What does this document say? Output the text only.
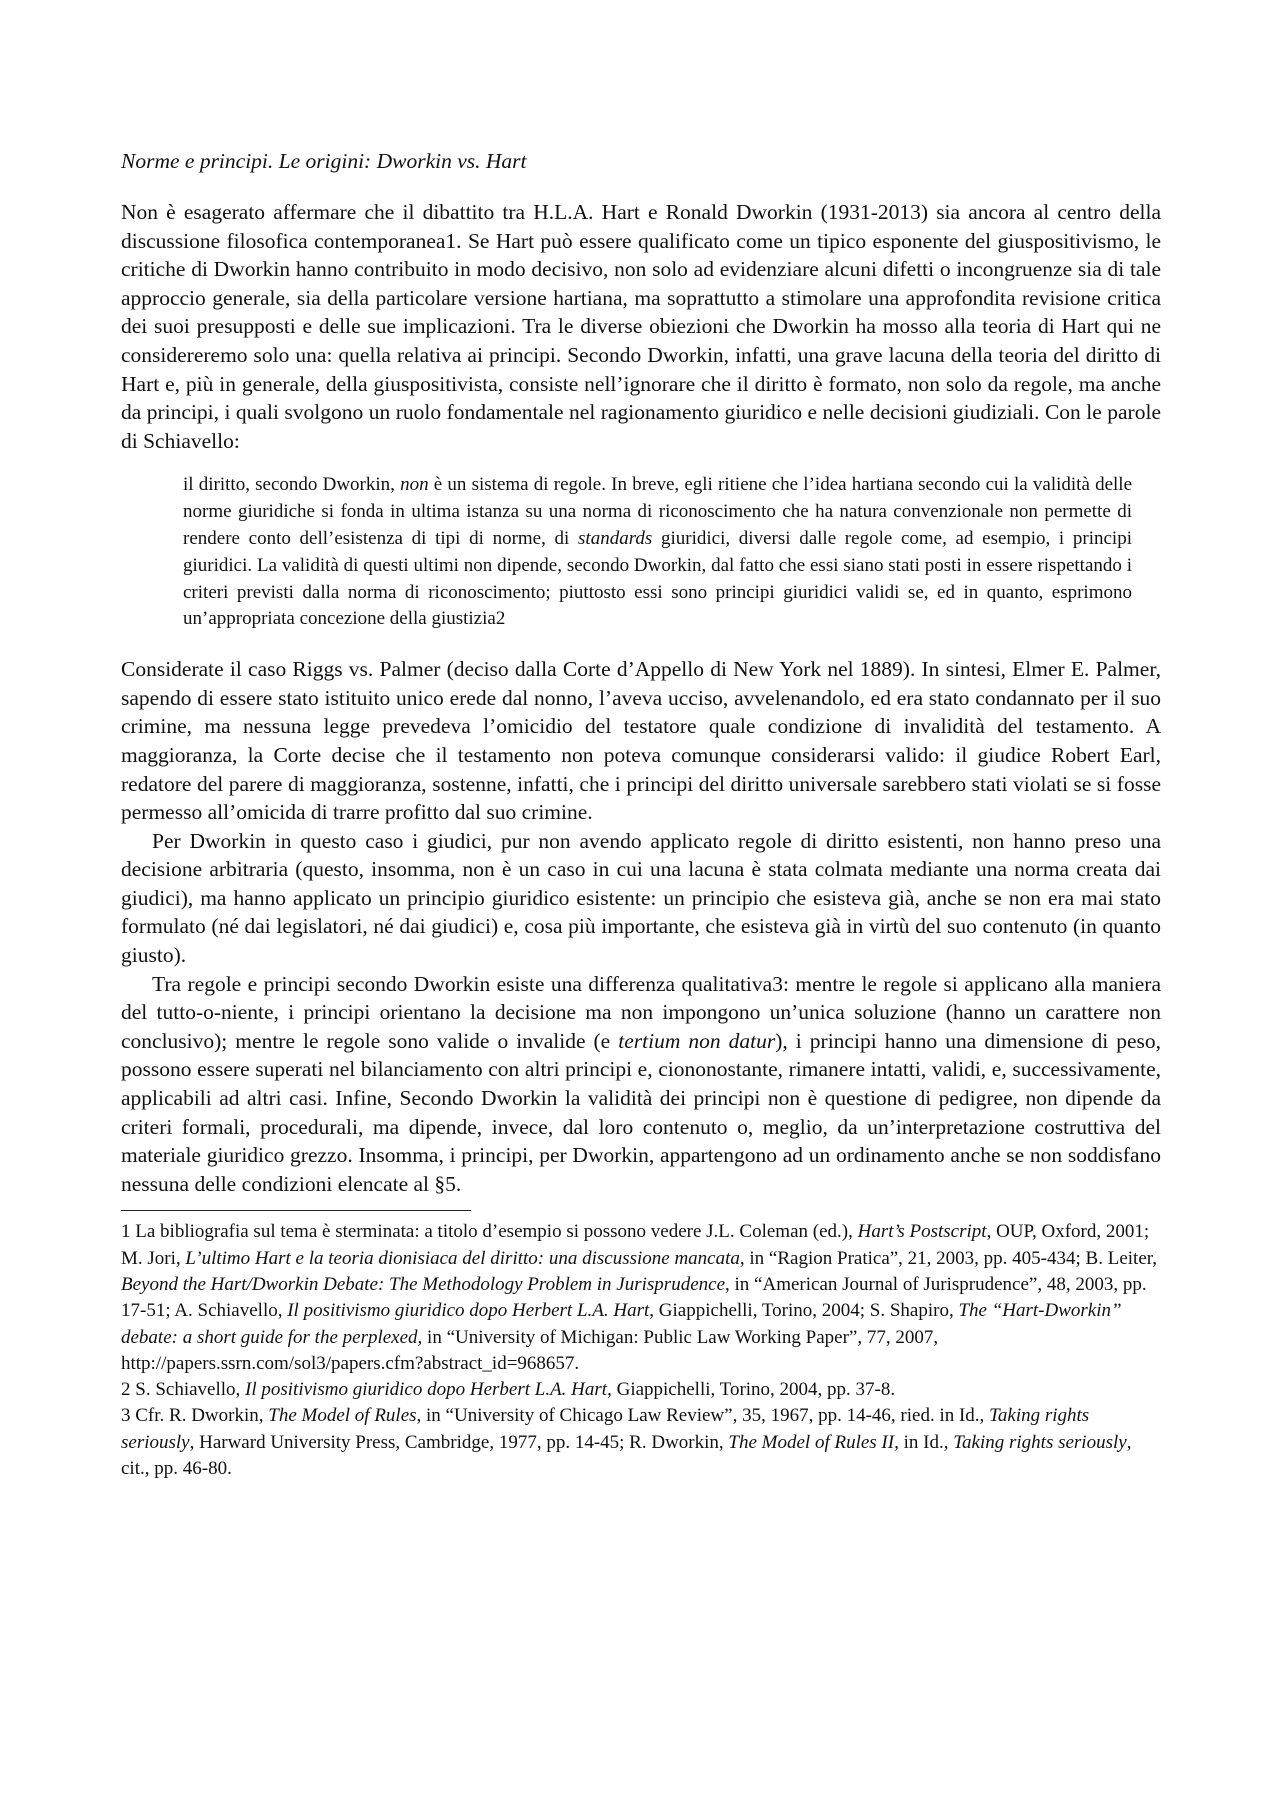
Norme e principi. Le origini: Dworkin vs. Hart

Non è esagerato affermare che il dibattito tra H.L.A. Hart e Ronald Dworkin (1931-2013) sia ancora al centro della discussione filosofica contemporanea1. Se Hart può essere qualificato come un tipico esponente del giuspositivismo, le critiche di Dworkin hanno contribuito in modo decisivo, non solo ad evidenziare alcuni difetti o incongruenze sia di tale approccio generale, sia della particolare versione hartiana, ma soprattutto a stimolare una approfondita revisione critica dei suoi presupposti e delle sue implicazioni. Tra le diverse obiezioni che Dworkin ha mosso alla teoria di Hart qui ne considereremo solo una: quella relativa ai principi. Secondo Dworkin, infatti, una grave lacuna della teoria del diritto di Hart e, più in generale, della giuspositivista, consiste nell’ignorare che il diritto è formato, non solo da regole, ma anche da principi, i quali svolgono un ruolo fondamentale nel ragionamento giuridico e nelle decisioni giudiziali. Con le parole di Schiavello:

il diritto, secondo Dworkin, non è un sistema di regole. In breve, egli ritiene che l’idea hartiana secondo cui la validità delle norme giuridiche si fonda in ultima istanza su una norma di riconoscimento che ha natura convenzionale non permette di rendere conto dell’esistenza di tipi di norme, di standards giuridici, diversi dalle regole come, ad esempio, i principi giuridici. La validità di questi ultimi non dipende, secondo Dworkin, dal fatto che essi siano stati posti in essere rispettando i criteri previsti dalla norma di riconoscimento; piuttosto essi sono principi giuridici validi se, ed in quanto, esprimono un’appropriata concezione della giustizia2

Considerate il caso Riggs vs. Palmer (deciso dalla Corte d’Appello di New York nel 1889). In sintesi, Elmer E. Palmer, sapendo di essere stato istituito unico erede dal nonno, l’aveva ucciso, avvelenandolo, ed era stato condannato per il suo crimine, ma nessuna legge prevedeva l’omicidio del testatore quale condizione di invalidità del testamento. A maggioranza, la Corte decise che il testamento non poteva comunque considerarsi valido: il giudice Robert Earl, redatore del parere di maggioranza, sostenne, infatti, che i principi del diritto universale sarebbero stati violati se si fosse permesso all’omicida di trarre profitto dal suo crimine.

Per Dworkin in questo caso i giudici, pur non avendo applicato regole di diritto esistenti, non hanno preso una decisione arbitraria (questo, insomma, non è un caso in cui una lacuna è stata colmata mediante una norma creata dai giudici), ma hanno applicato un principio giuridico esistente: un principio che esisteva già, anche se non era mai stato formulato (né dai legislatori, né dai giudici) e, cosa più importante, che esisteva già in virtù del suo contenuto (in quanto giusto).

Tra regole e principi secondo Dworkin esiste una differenza qualitativa3: mentre le regole si applicano alla maniera del tutto-o-niente, i principi orientano la decisione ma non impongono un’unica soluzione (hanno un carattere non conclusivo); mentre le regole sono valide o invalide (e tertium non datur), i principi hanno una dimensione di peso, possono essere superati nel bilanciamento con altri principi e, ciononostante, rimanere intatti, validi, e, successivamente, applicabili ad altri casi. Infine, Secondo Dworkin la validità dei principi non è questione di pedigree, non dipende da criteri formali, procedurali, ma dipende, invece, dal loro contenuto o, meglio, da un’interpretazione costruttiva del materiale giuridico grezzo. Insomma, i principi, per Dworkin, appartengono ad un ordinamento anche se non soddisfano nessuna delle condizioni elencate al §5.

1 La bibliografia sul tema è sterminata: a titolo d’esempio si possono vedere J.L. Coleman (ed.), Hart’s Postscript, OUP, Oxford, 2001; M. Jori, L’ultimo Hart e la teoria dionisiaca del diritto: una discussione mancata, in “Ragion Pratica”, 21, 2003, pp. 405-434; B. Leiter, Beyond the Hart/Dworkin Debate: The Methodology Problem in Jurisprudence, in “American Journal of Jurisprudence”, 48, 2003, pp. 17-51; A. Schiavello, Il positivismo giuridico dopo Herbert L.A. Hart, Giappichelli, Torino, 2004; S. Shapiro, The “Hart-Dworkin” debate: a short guide for the perplexed, in “University of Michigan: Public Law Working Paper”, 77, 2007, http://papers.ssrn.com/sol3/papers.cfm?abstract_id=968657.

2 S. Schiavello, Il positivismo giuridico dopo Herbert L.A. Hart, Giappichelli, Torino, 2004, pp. 37-8.

3 Cfr. R. Dworkin, The Model of Rules, in “University of Chicago Law Review”, 35, 1967, pp. 14-46, ried. in Id., Taking rights seriously, Harward University Press, Cambridge, 1977, pp. 14-45; R. Dworkin, The Model of Rules II, in Id., Taking rights seriously, cit., pp. 46-80.
